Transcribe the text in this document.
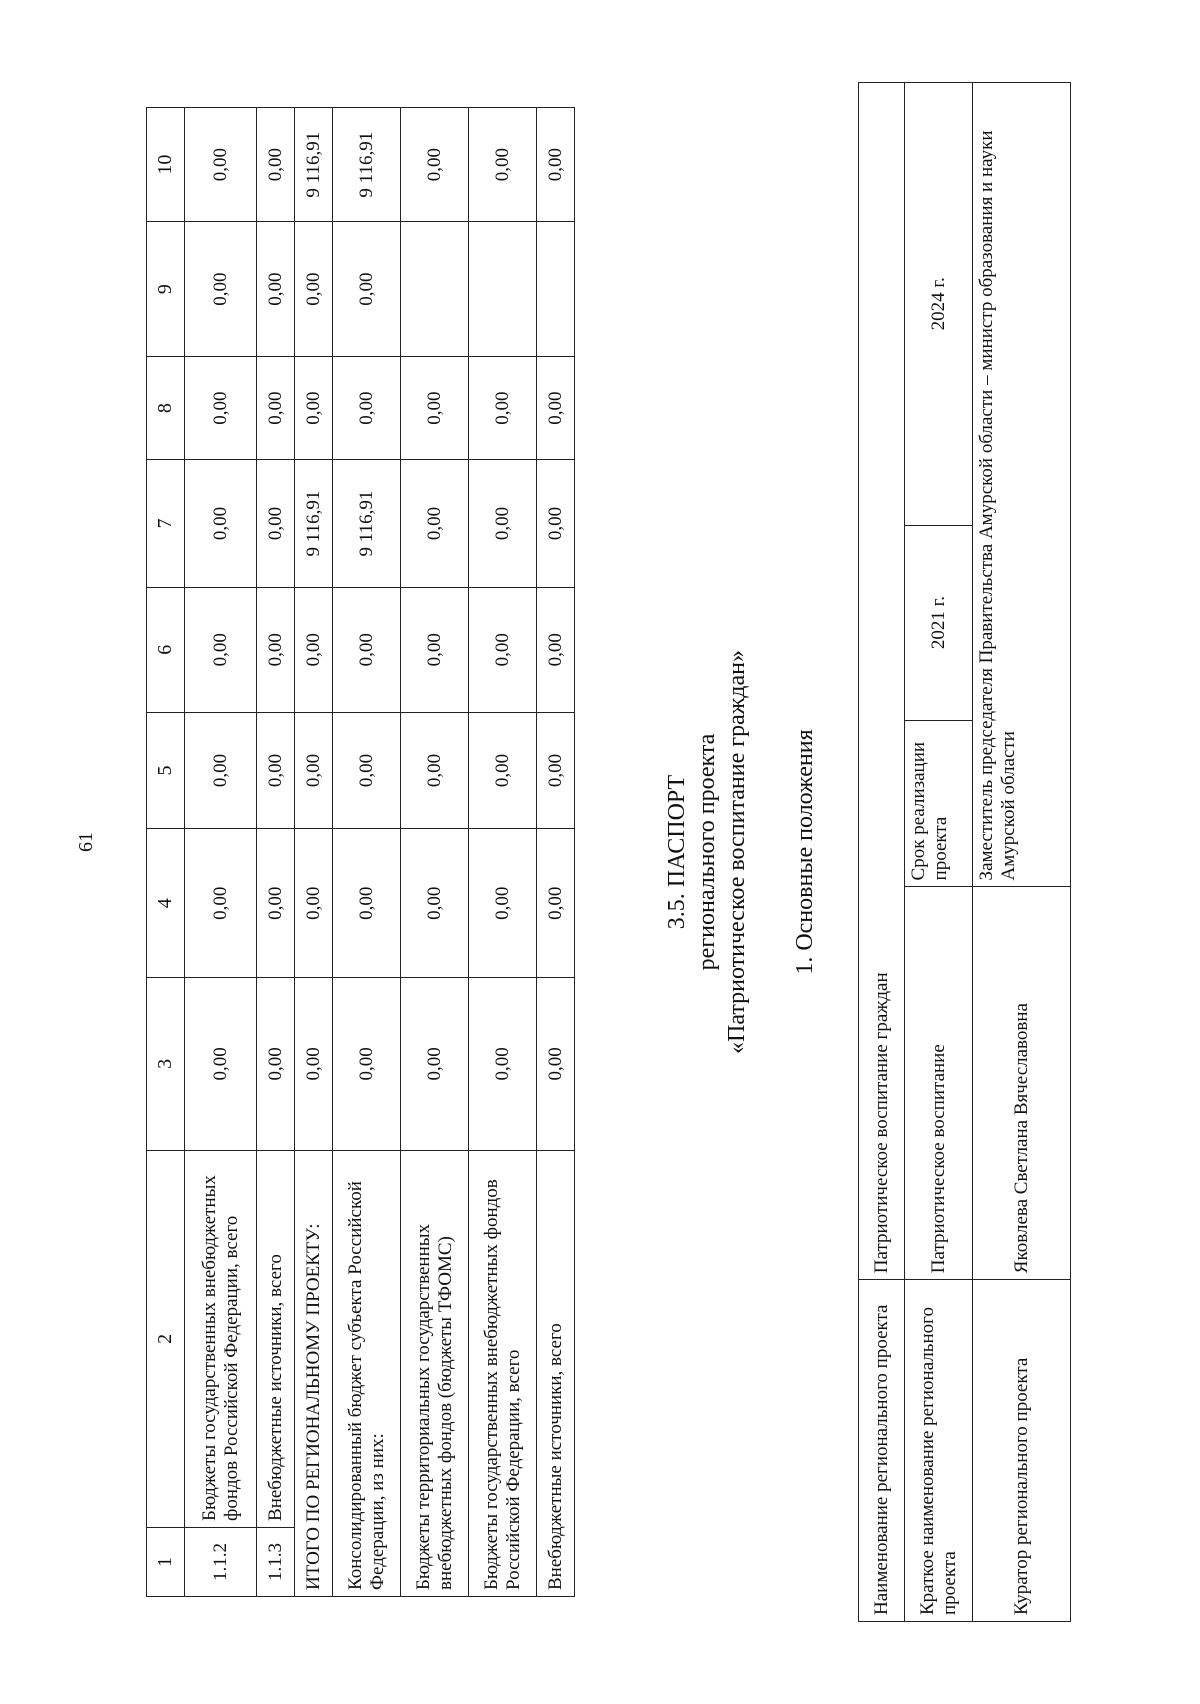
61
1	2	3	4	5	6	7	8	9	10
1.1.2	Бюджеты государственных внебюджетных фондов Российской Федерации, всего	0,00	0,00	0,00	0,00	0,00	0,00	0,00	0,00
1.1.3	Внебюджетные источники, всего	0,00	0,00	0,00	0,00	0,00	0,00	0,00	0,00
ИТОГО ПО РЕГИОНАЛЬНОМУ ПРОЕКТУ:		0,00	0,00	0,00	0,00	9 116,91	0,00	0,00	9 116,91
Консолидированный бюджет субъекта Российской Федерации, из них:		0,00	0,00	0,00	0,00	9 116,91	0,00	0,00	9 116,91
Бюджеты территориальных государственных внебюджетных фондов (бюджеты ТФОМС)		0,00	0,00	0,00	0,00	0,00	0,00		0,00
Бюджеты государственных внебюджетных фондов Российской Федерации, всего		0,00	0,00	0,00	0,00	0,00	0,00		0,00
Внебюджетные источники, всего		0,00	0,00	0,00	0,00	0,00	0,00		0,00
3.5. ПАСПОРТ регионального проекта «Патриотическое воспитание граждан» 1. Основные положения
Наименование регионального проекта	Патриотическое воспитание граждан			
Краткое наименование регионального проекта	Патриотическое воспитание	Срок реализации проекта	2021 г.	2024 г.
Куратор регионального проекта	Яковлева Светлана Вячеславовна	Заместитель председателя Правительства Амурской области – министр образования и науки Амурской области		
